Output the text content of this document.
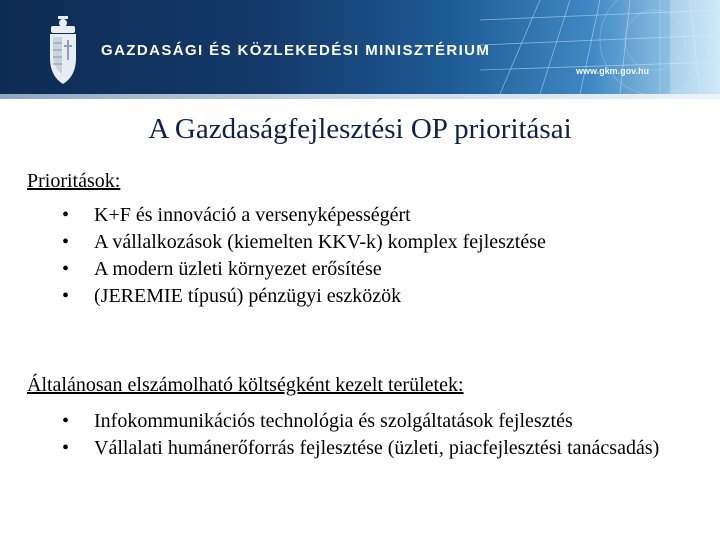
GAZDASÁGI ÉS KÖZLEKEDÉSI MINISZTÉRIUM
www.gkm.gov.hu
A Gazdaságfejlesztési OP prioritásai
Prioritások:
• K+F és innováció a versenyképességért
• A vállalkozások (kiemelten KKV-k) komplex fejlesztése
• A modern üzleti környezet erősítése
• (JEREMIE típusú) pénzügyi eszközök
Általánosan elszámolható költségként kezelt területek:
• Infokommunikációs technológia és szolgáltatások fejlesztés
• Vállalati humánerőforrás fejlesztése (üzleti, piacfejlesztési tanácsadás)
